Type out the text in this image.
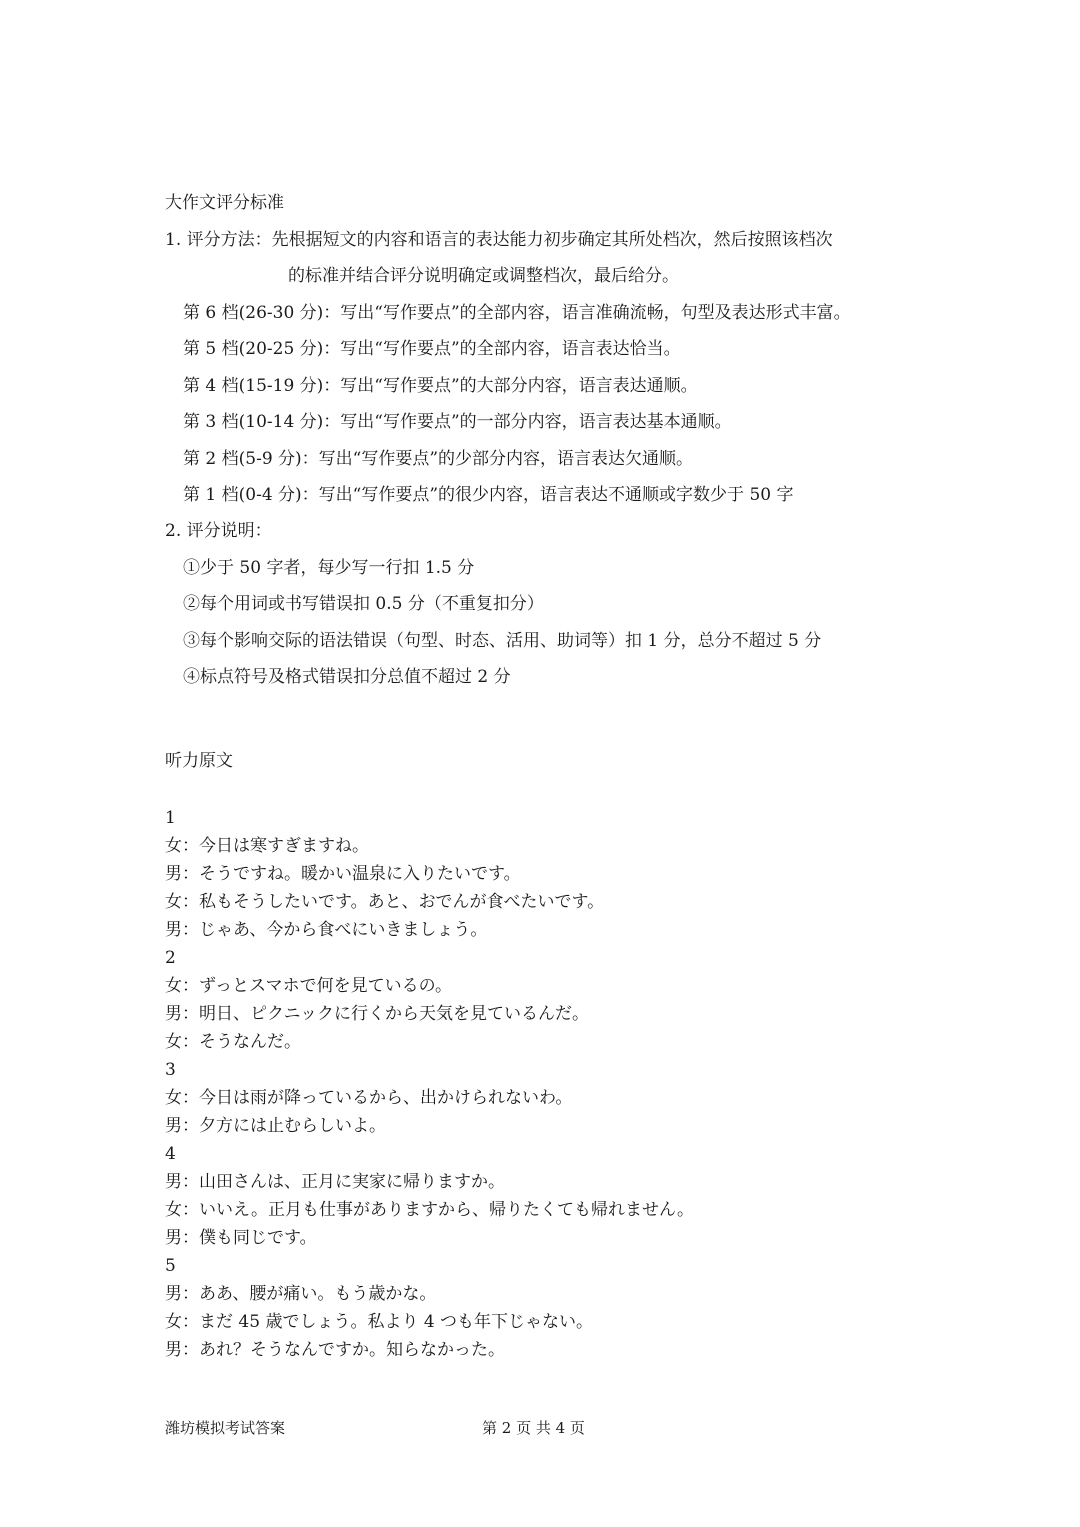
大作文评分标准
1. 评分方法：先根据短文的内容和语言的表达能力初步确定其所处档次，然后按照该档次
的标准并结合评分说明确定或调整档次，最后给分。
第 6 档(26-30 分)：写出“写作要点”的全部内容，语言准确流畅，句型及表达形式丰富。
第 5 档(20-25 分)：写出“写作要点”的全部内容，语言表达恰当。
第 4 档(15-19 分)：写出“写作要点”的大部分内容，语言表达通顺。
第 3 档(10-14 分)：写出“写作要点”的一部分内容，语言表达基本通顺。
第 2 档(5-9 分)：写出“写作要点”的少部分内容，语言表达欠通顺。
第 1 档(0-4 分)：写出“写作要点”的很少内容，语言表达不通顺或字数少于 50 字
2. 评分说明：
①少于 50 字者，每少写一行扣 1.5 分
②每个用词或书写错误扣 0.5 分（不重复扣分）
③每个影响交际的语法错误（句型、时态、活用、助词等）扣 1 分，总分不超过 5 分
④标点符号及格式错误扣分总值不超过 2 分
听力原文
1
女：今日は寒すぎますね。
男：そうですね。暖かい温泉に入りたいです。
女：私もそうしたいです。あと、おでんが食べたいです。
男：じゃあ、今から食べにいきましょう。
2
女：ずっとスマホで何を見ているの。
男：明日、ピクニックに行くから天気を見ているんだ。
女：そうなんだ。
3
女：今日は雨が降っているから、出かけられないわ。
男：夕方には止むらしいよ。
4
男：山田さんは、正月に実家に帰りますか。
女：いいえ。正月も仕事がありますから、帰りたくても帰れません。
男：僕も同じです。
5
男：ああ、腰が痛い。もう歳かな。
女：まだ 45 歳でしょう。私より 4 つも年下じゃない。
男：あれ？そうなんですか。知らなかった。
潍坊模拟考试答案	第 2 页 共 4 页
